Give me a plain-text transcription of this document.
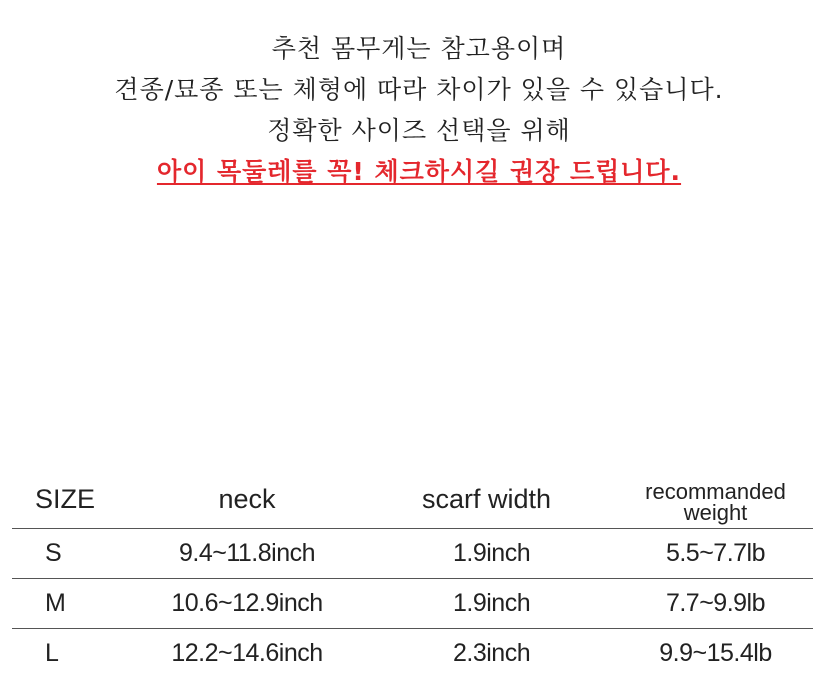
추천 몸무게는 참고용이며
견종/묘종 또는 체형에 따라 차이가 있을 수 있습니다.
정확한 사이즈 선택을 위해
아이 목둘레를 꼭! 체크하시길 권장 드립니다.
SIZE	neck	scarf width	recommanded
weight

S	9.4~11.8inch	1.9inch	5.5~7.7lb
M	10.6~12.9inch	1.9inch	7.7~9.9lb
L	12.2~14.6inch	2.3inch	9.9~15.4lb
